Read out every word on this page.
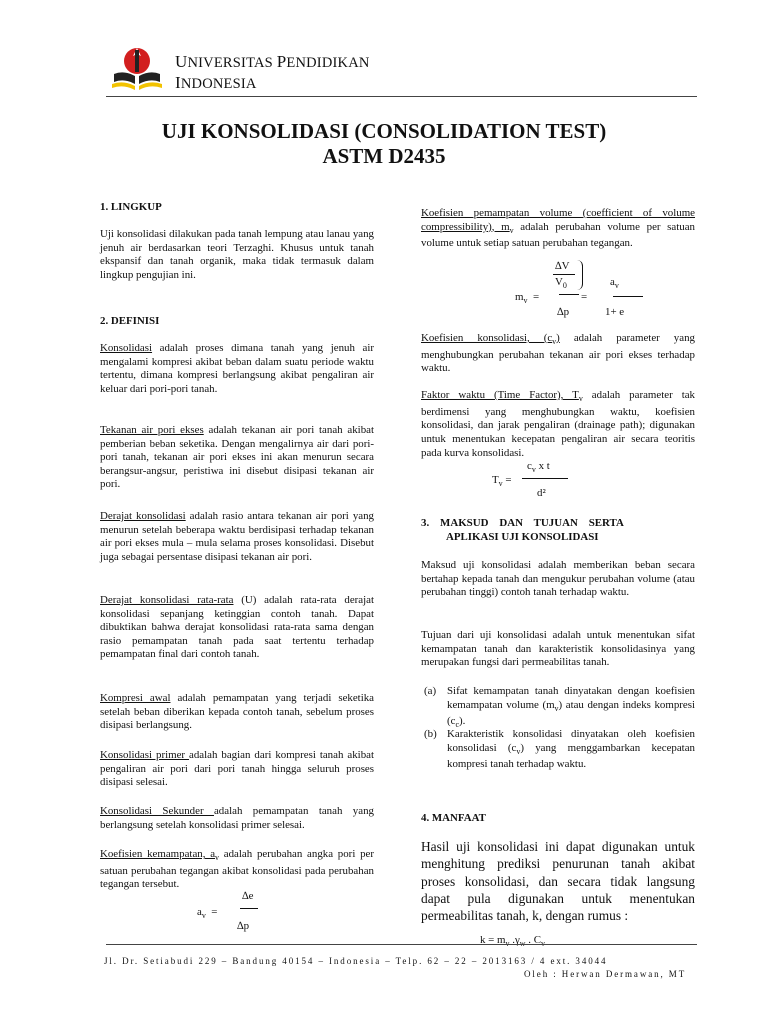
UNIVERSITAS PENDIDIKAN
INDONESIA
UJI KONSOLIDASI (CONSOLIDATION TEST)
ASTM D2435
1. LINGKUP

Uji konsolidasi dilakukan pada tanah lempung atau lanau yang jenuh air berdasarkan teori Terzaghi. Khusus untuk tanah ekspansif dan tanah organik, maka tidak termasuk dalam lingkup pengujian ini.

2. DEFINISI

Konsolidasi adalah proses dimana tanah yang jenuh air mengalami kompresi akibat beban dalam suatu periode waktu tertentu, dimana kompresi berlangsung akibat pengaliran air keluar dari pori-pori tanah.

Tekanan air pori ekses adalah tekanan air pori tanah akibat pemberian beban seketika. Dengan mengalirnya air dari pori-pori tanah, tekanan air pori ekses ini akan menurun secara berangsur-angsur, peristiwa ini disebut disipasi tekanan air pori.

Derajat konsolidasi adalah rasio antara tekanan air pori yang menurun setelah beberapa waktu berdisipasi terhadap tekanan air pori ekses mula – mula selama proses konsolidasi. Disebut juga sebagai persentase disipasi tekanan air pori.

Derajat konsolidasi rata-rata (U) adalah rata-rata derajat konsolidasi sepanjang ketinggian contoh tanah. Dapat dibuktikan bahwa derajat konsolidasi rata-rata sama dengan rasio pemampatan tanah pada saat tertentu terhadap pemampatan final dari contoh tanah.

Kompresi awal adalah pemampatan yang terjadi seketika setelah beban diberikan kepada contoh tanah, sebelum proses disipasi berlangsung.

Konsolidasi primer adalah bagian dari kompresi tanah akibat pengaliran air pori dari pori tanah hingga seluruh proses disipasi selesai.

Konsolidasi Sekunder adalah pemampatan tanah yang berlangsung setelah konsolidasi primer selesai.

Koefisien kemampatan, $a_v$ adalah perubahan angka pori per satuan perubahan tegangan akibat konsolidasi pada perubahan tegangan tersebut.

∆e
$a_v$ =
∆p

Koefisien pemampatan volume (coefficient of volume compressibility), $m_v$ adalah perubahan volume per satuan volume untuk setiap satuan perubahan tegangan.

∆V
$V_0$	$a_v$
$m_v$ =	=
∆p	1+ e

Koefisien konsolidasi, $(c_v)$ adalah parameter yang menghubungkan perubahan tekanan air pori ekses terhadap waktu.

Faktor waktu (Time Factor), $T_v$ adalah parameter tak berdimensi yang menghubungkan waktu, koefisien konsolidasi, dan jarak pengaliran (drainage path); digunakan untuk menentukan kecepatan pengaliran air secara teoritis pada kurva konsolidasi.

$c_v$ x t
$T_v$ =
d²
3.    MAKSUD    DAN    TUJUAN    SERTA
APLIKASI UJI KONSOLIDASI

Maksud uji konsolidasi adalah memberikan beban secara bertahap kepada tanah dan mengukur perubahan volume (atau perubahan tinggi) contoh tanah terhadap waktu.

Tujuan dari uji konsolidasi adalah untuk menentukan sifat kemampatan tanah dan karakteristik konsolidasinya yang merupakan fungsi dari permeabilitas tanah.

(a) Sifat kemampatan tanah dinyatakan dengan koefisien kemampatan volume $(m_v)$ atau dengan indeks kompresi $(c_c)$.

(b) Karakteristik konsolidasi dinyatakan oleh koefisien konsolidasi $(c_v)$ yang menggambarkan kecepatan kompresi tanah terhadap waktu.

4. MANFAAT

Hasil uji konsolidasi ini dapat digunakan untuk menghitung prediksi penurunan tanah akibat proses konsolidasi, dan secara tidak langsung dapat pula digunakan untuk menentukan permeabilitas tanah, k, dengan rumus :

$k = m_v$ $.\gamma_w$ . $C_v$
Jl. Dr. Setiabudi 229 – Bandung 40154 – Indonesia – Telp. 62 – 22 – 2013163 / 4 ext. 34044
Oleh : Herwan Dermawan, MT
